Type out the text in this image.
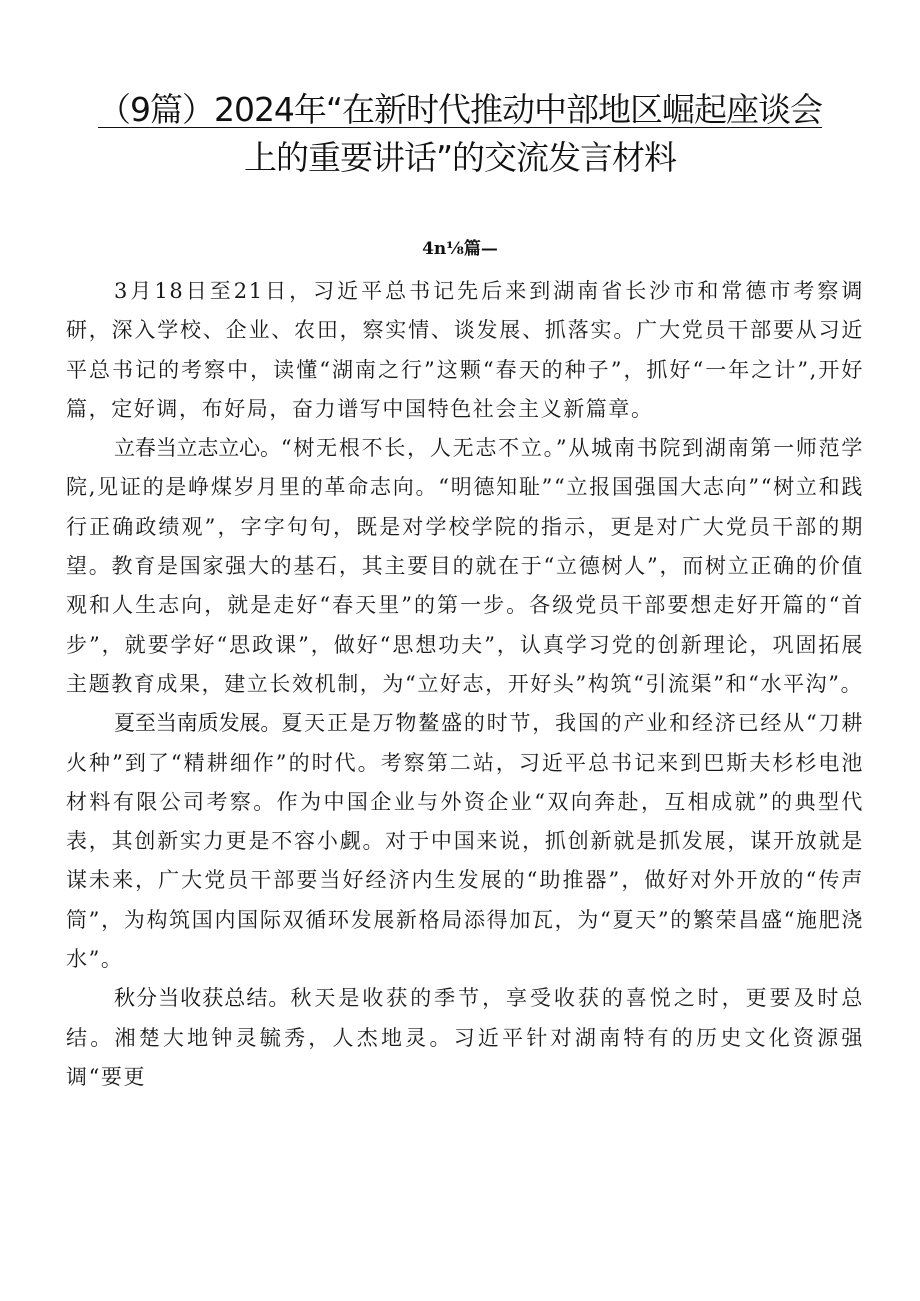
（9篇）2024年“在新时代推动中部地区崛起座谈会
上的重要讲话”的交流发言材料
4n⅛篇—

3月18日至21日，习近平总书记先后来到湖南省长沙市和常德市考察调研，深入学校、企业、农田，察实情、谈发展、抓落实。广大党员干部要从习近平总书记的考察中，读懂“湖南之行”这颗“春天的种子”，抓好“一年之计”,开好篇，定好调，布好局，奋力谱写中国特色社会主义新篇章。

立春当立志立心。“树无根不长，人无志不立。”从城南书院到湖南第一师范学院,见证的是峥煤岁月里的革命志向。“明德知耻”“立报国强国大志向”“树立和践行正确政绩观”，字字句句，既是对学校学院的指示，更是对广大党员干部的期望。教育是国家强大的基石，其主要目的就在于“立德树人”，而树立正确的价值观和人生志向，就是走好“春天里”的第一步。各级党员干部要想走好开篇的“首步”，就要学好“思政课”，做好“思想功夫”，认真学习党的创新理论，巩固拓展主题教育成果，建立长效机制，为“立好志，开好头”构筑“引流渠”和“水平沟”。

夏至当南质发展。夏天正是万物鳌盛的时节，我国的产业和经济已经从“刀耕火种”到了“精耕细作”的时代。考察第二站，习近平总书记来到巴斯夫杉杉电池材料有限公司考察。作为中国企业与外资企业“双向奔赴，互相成就”的典型代表，其创新实力更是不容小觑。对于中国来说，抓创新就是抓发展，谋开放就是谋未来，广大党员干部要当好经济内生发展的“助推器”，做好对外开放的“传声筒”，为构筑国内国际双循环发展新格局添得加瓦，为“夏天”的繁荣昌盛“施肥浇水”。

秋分当收获总结。秋天是收获的季节，享受收获的喜悦之时，更要及时总结。湘楚大地钟灵毓秀，人杰地灵。习近平针对湖南特有的历史文化资源强调“要更
